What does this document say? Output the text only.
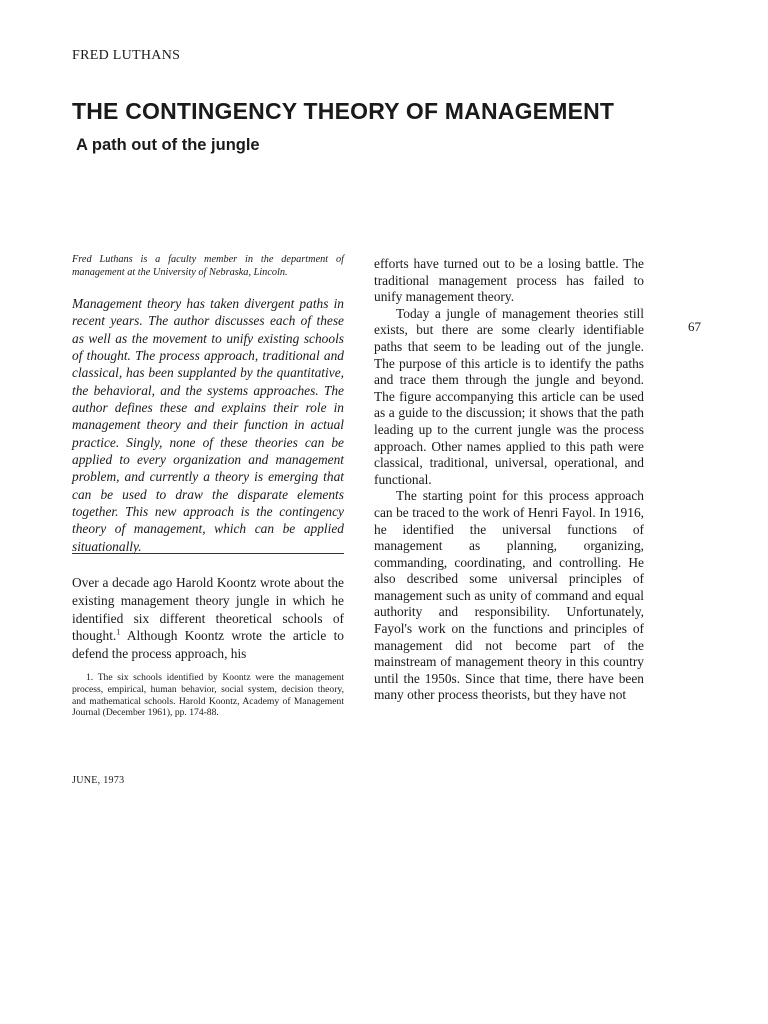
FRED LUTHANS
THE CONTINGENCY THEORY OF MANAGEMENT
A path out of the jungle
Fred Luthans is a faculty member in the department of management at the University of Nebraska, Lincoln.
Management theory has taken divergent paths in recent years. The author discusses each of these as well as the movement to unify existing schools of thought. The process approach, traditional and classical, has been supplanted by the quantitative, the behavioral, and the systems approaches. The author defines these and explains their role in management theory and their function in actual practice. Singly, none of these theories can be applied to every organization and management problem, and currently a theory is emerging that can be used to draw the disparate elements together. This new approach is the contingency theory of management, which can be applied situationally.
Over a decade ago Harold Koontz wrote about the existing management theory jungle in which he identified six different theoretical schools of thought.$^1$ Although Koontz wrote the article to defend the process approach, his
1. The six schools identified by Koontz were the management process, empirical, human behavior, social system, decision theory, and mathematical schools. Harold Koontz, Academy of Management Journal (December 1961), pp. 174-88.
JUNE, 1973

efforts have turned out to be a losing battle. The traditional management process has failed to unify management theory.

Today a jungle of management theories still exists, but there are some clearly identifiable paths that seem to be leading out of the jungle. The purpose of this article is to identify the paths and trace them through the jungle and beyond. The figure accompanying this article can be used as a guide to the discussion; it shows that the path leading up to the current jungle was the process approach. Other names applied to this path were classical, traditional, universal, operational, and functional.

The starting point for this process approach can be traced to the work of Henri Fayol. In 1916, he identified the universal functions of management as planning, organizing, commanding, coordinating, and controlling. He also described some universal principles of management such as unity of command and equal authority and responsibility. Unfortunately, Fayol's work on the functions and principles of management did not become part of the mainstream of management theory in this country until the 1950s. Since that time, there have been many other process theorists, but they have not

67
